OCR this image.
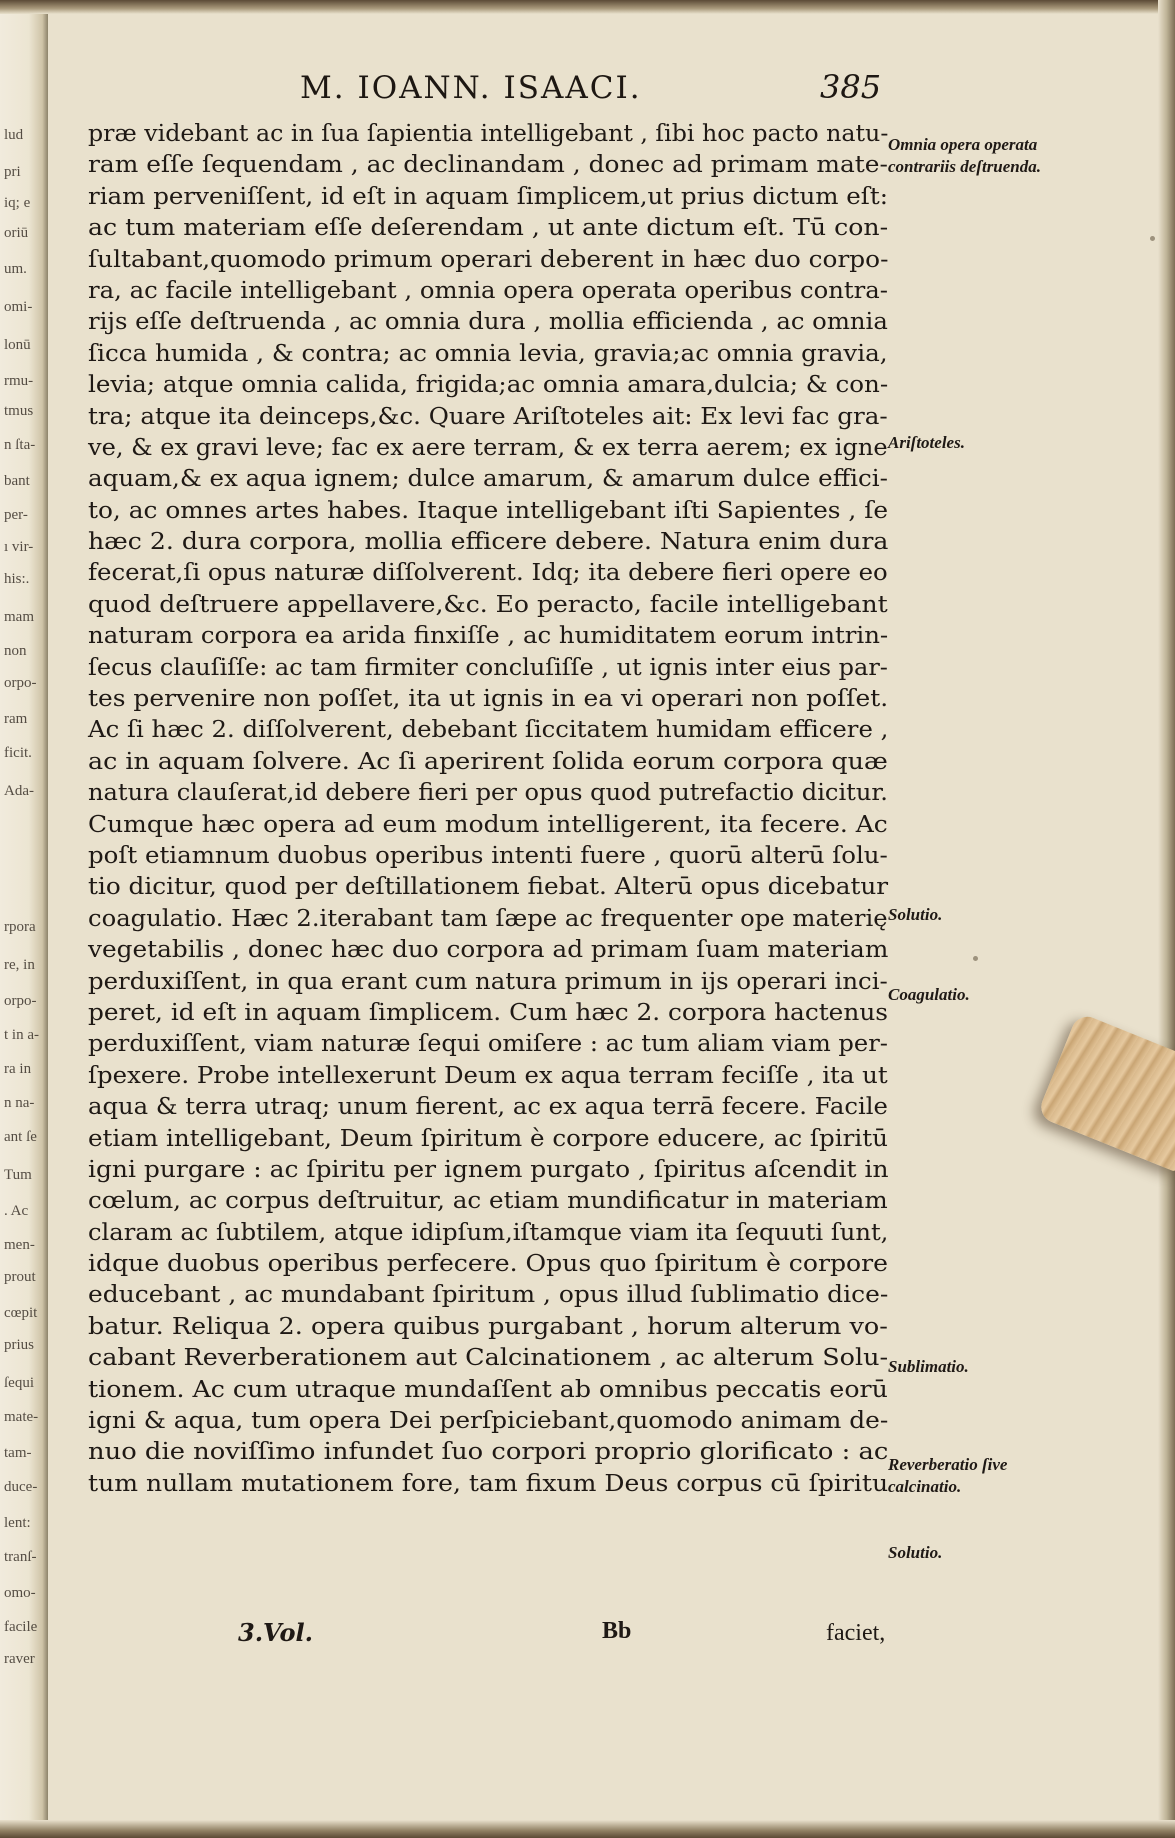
lud
pri
iq; e
oriū
um.
omi-
lonū
rmu-
tmus
n ſta-
bant
per-
ı vir-
his:.
mam
non
orpo-
ram
ficit.
Ada-
rpora
re, in
orpo-
t in a-
ra in
n na-
ant ſe
Tum
. Ac
men-
prout
cœpit
prius
ſequi
mate-
tam-
duce-
lent:
tranſ-
omo-
facile
raver
M. IOANN. ISAACI.	385
præ videbant ac in ſua ſapientia intelligebant , ſibi hoc pacto natu-
ram eſſe ſequendam , ac declinandam , donec ad primam mate-
riam perveniſſent, id eſt in aquam ſimplicem,ut prius dictum eſt:
ac tum materiam eſſe deſerendam , ut ante dictum eſt. Tū con-
ſultabant,quomodo primum operari deberent in hæc duo corpo-
ra, ac facile intelligebant , omnia opera operata operibus contra-
rijs eſſe deſtruenda , ac omnia dura , mollia efficienda , ac omnia
ſicca humida , & contra; ac omnia levia, gravia;ac omnia gravia,
levia; atque omnia calida, frigida;ac omnia amara,dulcia; & con-
tra; atque ita deinceps,&c. Quare Ariſtoteles ait: Ex levi fac gra-
ve, & ex gravi leve; fac ex aere terram, & ex terra aerem; ex igne
aquam,& ex aqua ignem; dulce amarum, & amarum dulce effici-
to, ac omnes artes habes. Itaque intelligebant iſti Sapientes , ſe
hæc 2. dura corpora, mollia efficere debere. Natura enim dura
fecerat,ſi opus naturæ diſſolverent. Idq; ita debere fieri opere eo
quod deſtruere appellavere,&c. Eo peracto, facile intelligebant
naturam corpora ea arida finxiſſe , ac humiditatem eorum intrin-
ſecus clauſiſſe: ac tam firmiter concluſiſſe , ut ignis inter eius par-
tes pervenire non poſſet, ita ut ignis in ea vi operari non poſſet.
Ac ſi hæc 2. diſſolverent, debebant ſiccitatem humidam efficere ,
ac in aquam ſolvere. Ac ſi aperirent ſolida eorum corpora quæ
natura clauſerat,id debere fieri per opus quod putrefactio dicitur.
Cumque hæc opera ad eum modum intelligerent, ita fecere. Ac
poſt etiamnum duobus operibus intenti fuere , quorū alterū ſolu-
tio dicitur, quod per deſtillationem fiebat. Alterū opus dicebatur
coagulatio. Hæc 2.iterabant tam ſæpe ac frequenter ope materię
vegetabilis , donec hæc duo corpora ad primam ſuam materiam
perduxiſſent, in qua erant cum natura primum in ijs operari inci-
peret, id eſt in aquam ſimplicem. Cum hæc 2. corpora hactenus
perduxiſſent, viam naturæ ſequi omiſere : ac tum aliam viam per-
ſpexere. Probe intellexerunt Deum ex aqua terram feciſſe , ita ut
aqua & terra utraq; unum fierent, ac ex aqua terrā fecere. Facile
etiam intelligebant, Deum ſpiritum è corpore educere, ac ſpiritū
igni purgare : ac ſpiritu per ignem purgato , ſpiritus aſcendit in
cœlum, ac corpus deſtruitur, ac etiam mundificatur in materiam
claram ac ſubtilem, atque idipſum,iſtamque viam ita ſequuti ſunt,
idque duobus operibus perfecere. Opus quo ſpiritum è corpore
educebant , ac mundabant ſpiritum , opus illud ſublimatio dice-
batur. Reliqua 2. opera quibus purgabant , horum alterum vo-
cabant Reverberationem aut Calcinationem , ac alterum Solu-
tionem. Ac cum utraque mundaſſent ab omnibus peccatis eorū
igni & aqua, tum opera Dei perſpiciebant,quomodo animam de-
nuo die noviſſimo infundet ſuo corpori proprio glorificato : ac
tum nullam mutationem fore, tam fixum Deus corpus cū ſpiritu
Omnia opera operata contrariis deſtruenda.
Ariſtoteles.
Solutio.
Coagulatio.
Sublimatio.
Reverberatio ſive calcinatio.
Solutio.
3.Vol.	Bb	faciet,
